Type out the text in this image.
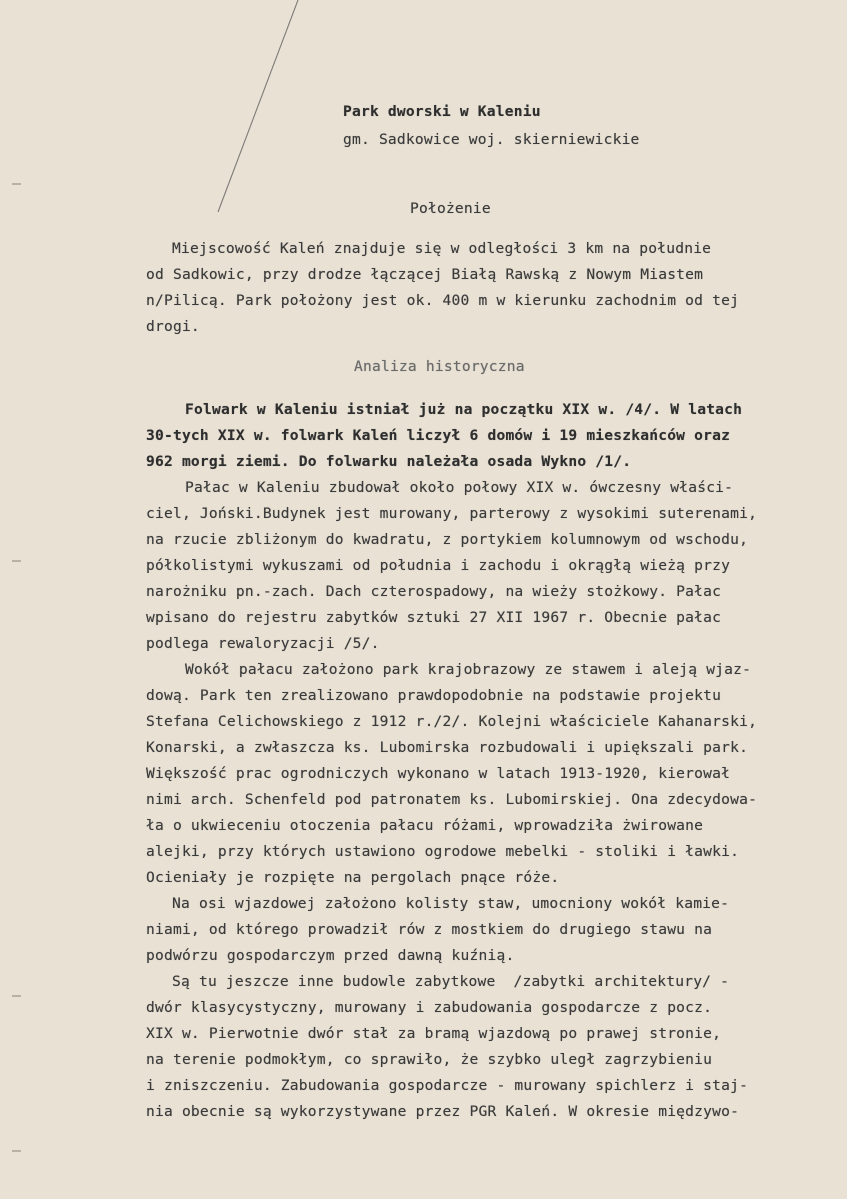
Park dworski w Kaleniu
gm. Sadkowice woj. skierniewickie
Położenie
Miejscowość Kaleń znajduje się w odległości 3 km na południe
od Sadkowic, przy drodze łączącej Białą Rawską z Nowym Miastem
n/Pilicą. Park położony jest ok. 400 m w kierunku zachodnim od tej
drogi.
Analiza historyczna
Folwark w Kaleniu istniał już na początku XIX w. /4/. W latach
30-tych XIX w. folwark Kaleń liczył 6 domów i 19 mieszkańców oraz
962 morgi ziemi. Do folwarku należała osada Wykno /1/.
Pałac w Kaleniu zbudował około połowy XIX w. ówczesny właści-
ciel, Joński.Budynek jest murowany, parterowy z wysokimi suterenami,
na rzucie zbliżonym do kwadratu, z portykiem kolumnowym od wschodu,
półkolistymi wykuszami od południa i zachodu i okrągłą wieżą przy
narożniku pn.-zach. Dach czterospadowy, na wieży stożkowy. Pałac
wpisano do rejestru zabytków sztuki 27 XII 1967 r. Obecnie pałac
podlega rewaloryzacji /5/.
Wokół pałacu założono park krajobrazowy ze stawem i aleją wjaz-
dową. Park ten zrealizowano prawdopodobnie na podstawie projektu
Stefana Celichowskiego z 1912 r./2/. Kolejni właściciele Kahanarski,
Konarski, a zwłaszcza ks. Lubomirska rozbudowali i upiększali park.
Większość prac ogrodniczych wykonano w latach 1913-1920, kierował
nimi arch. Schenfeld pod patronatem ks. Lubomirskiej. Ona zdecydowa-
ła o ukwieceniu otoczenia pałacu różami, wprowadziła żwirowane
alejki, przy których ustawiono ogrodowe mebelki - stoliki i ławki.
Ocieniały je rozpięte na pergolach pnące róże.
Na osi wjazdowej założono kolisty staw, umocniony wokół kamie-
niami, od którego prowadził rów z mostkiem do drugiego stawu na
podwórzu gospodarczym przed dawną kuźnią.
Są tu jeszcze inne budowle zabytkowe  /zabytki architektury/ -
dwór klasycystyczny, murowany i zabudowania gospodarcze z pocz.
XIX w. Pierwotnie dwór stał za bramą wjazdową po prawej stronie,
na terenie podmokłym, co sprawiło, że szybko uległ zagrzybieniu
i zniszczeniu. Zabudowania gospodarcze - murowany spichlerz i staj-
nia obecnie są wykorzystywane przez PGR Kaleń. W okresie międzywo-
